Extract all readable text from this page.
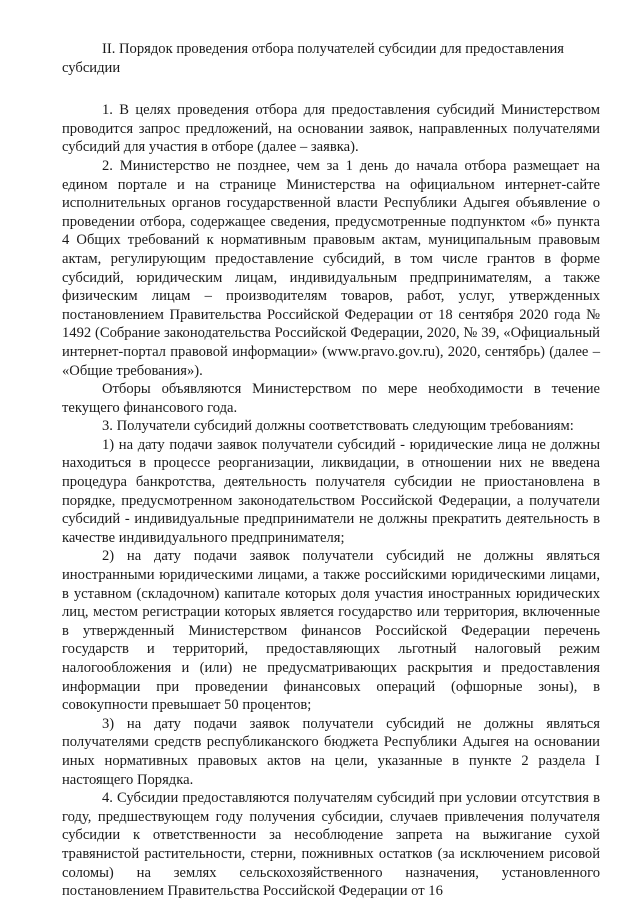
II. Порядок проведения отбора получателей субсидии для предоставления субсидии

1. В целях проведения отбора для предоставления субсидий Министерством проводится запрос предложений, на основании заявок, направленных получателями субсидий для участия в отборе (далее – заявка).

2. Министерство не позднее, чем за 1 день до начала отбора размещает на едином портале и на странице Министерства на официальном интернет-сайте исполнительных органов государственной власти Республики Адыгея объявление о проведении отбора, содержащее сведения, предусмотренные подпунктом «б» пункта 4 Общих требований к нормативным правовым актам, муниципальным правовым актам, регулирующим предоставление субсидий, в том числе грантов в форме субсидий, юридическим лицам, индивидуальным предпринимателям, а также физическим лицам – производителям товаров, работ, услуг, утвержденных постановлением Правительства Российской Федерации от 18 сентября 2020 года № 1492 (Собрание законодательства Российской Федерации, 2020, № 39, «Официальный интернет-портал правовой информации» (www.pravo.gov.ru), 2020, сентябрь) (далее – «Общие требования»).

Отборы объявляются Министерством по мере необходимости в течение текущего финансового года.

3. Получатели субсидий должны соответствовать следующим требованиям:

1) на дату подачи заявок получатели субсидий - юридические лица не должны находиться в процессе реорганизации, ликвидации, в отношении них не введена процедура банкротства, деятельность получателя субсидии не приостановлена в порядке, предусмотренном законодательством Российской Федерации, а получатели субсидий - индивидуальные предприниматели не должны прекратить деятельность в качестве индивидуального предпринимателя;

2) на дату подачи заявок получатели субсидий не должны являться иностранными юридическими лицами, а также российскими юридическими лицами, в уставном (складочном) капитале которых доля участия иностранных юридических лиц, местом регистрации которых является государство или территория, включенные в утвержденный Министерством финансов Российской Федерации перечень государств и территорий, предоставляющих льготный налоговый режим налогообложения и (или) не предусматривающих раскрытия и предоставления информации при проведении финансовых операций (офшорные зоны), в совокупности превышает 50 процентов;

3) на дату подачи заявок получатели субсидий не должны являться получателями средств республиканского бюджета Республики Адыгея на основании иных нормативных правовых актов на цели, указанные в пункте 2 раздела I настоящего Порядка.

4. Субсидии предоставляются получателям субсидий при условии отсутствия в году, предшествующем году получения субсидии, случаев привлечения получателя субсидии к ответственности за несоблюдение запрета на выжигание сухой травянистой растительности, стерни, пожнивных остатков (за исключением рисовой соломы) на землях сельскохозяйственного назначения, установленного постановлением Правительства Российской Федерации от 16
